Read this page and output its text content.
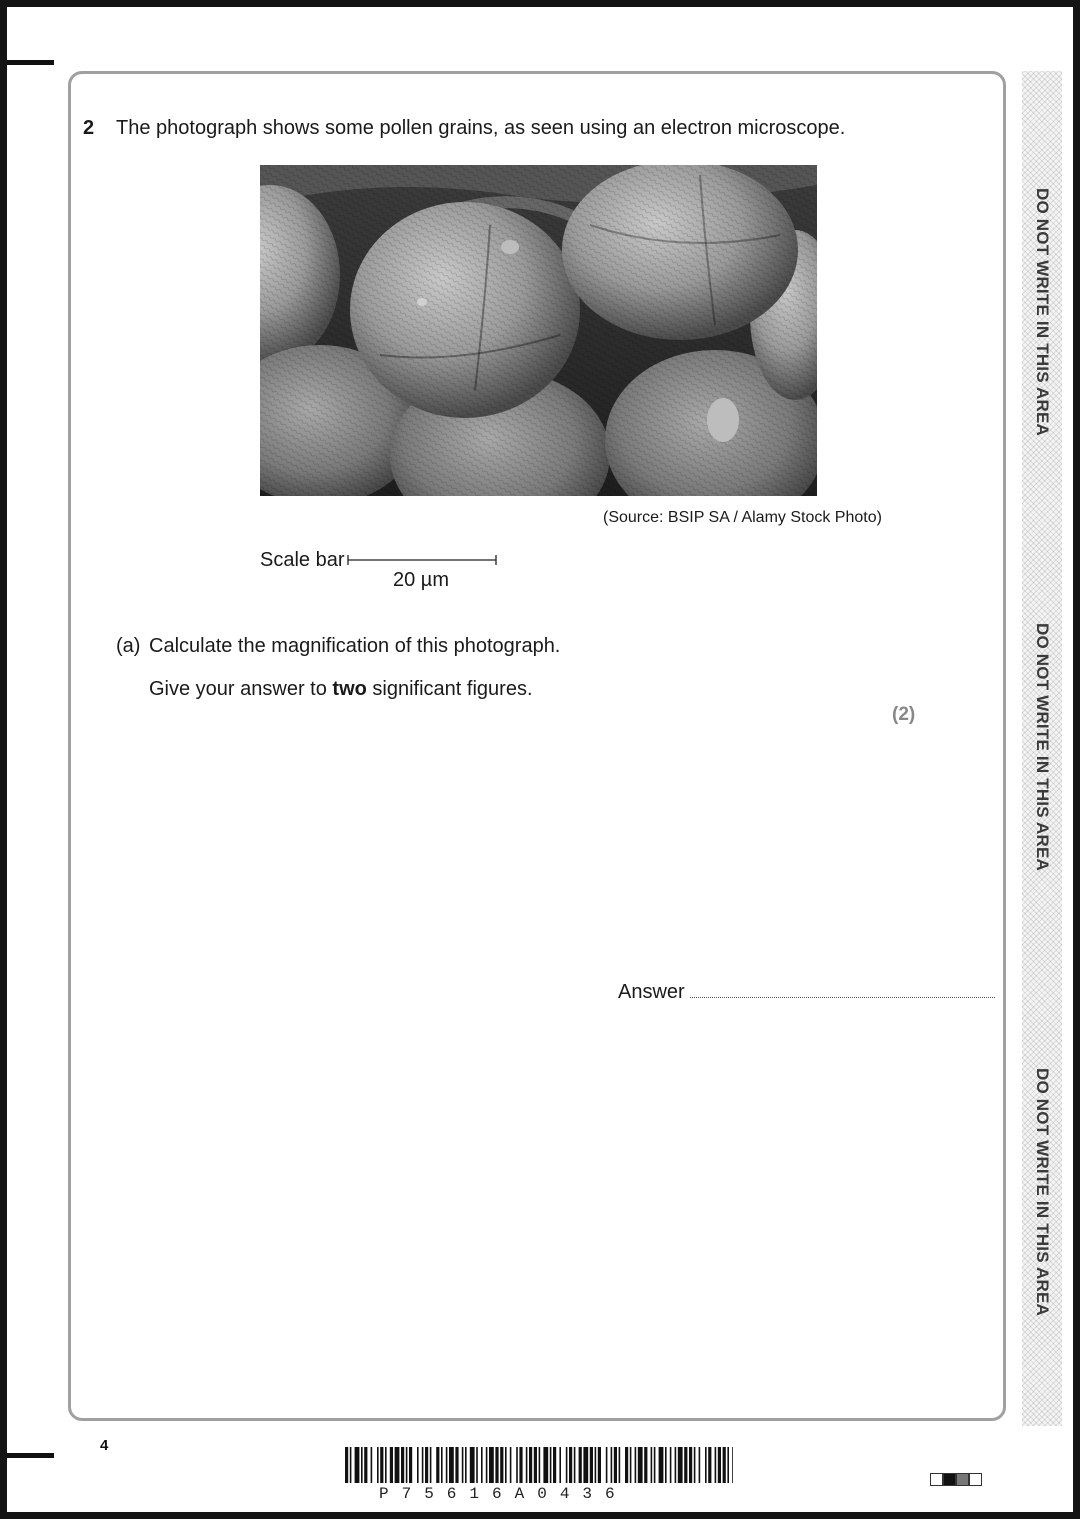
DO NOT WRITE IN THIS AREA
DO NOT WRITE IN THIS AREA
DO NOT WRITE IN THIS AREA
2 The photograph shows some pollen grains, as seen using an electron microscope.
(Source: BSIP SA / Alamy Stock Photo)
Scale bar
20 µm
(a) Calculate the magnification of this photograph.
Give your answer to two significant figures.
(2)
Answer
4
P75616A0436
